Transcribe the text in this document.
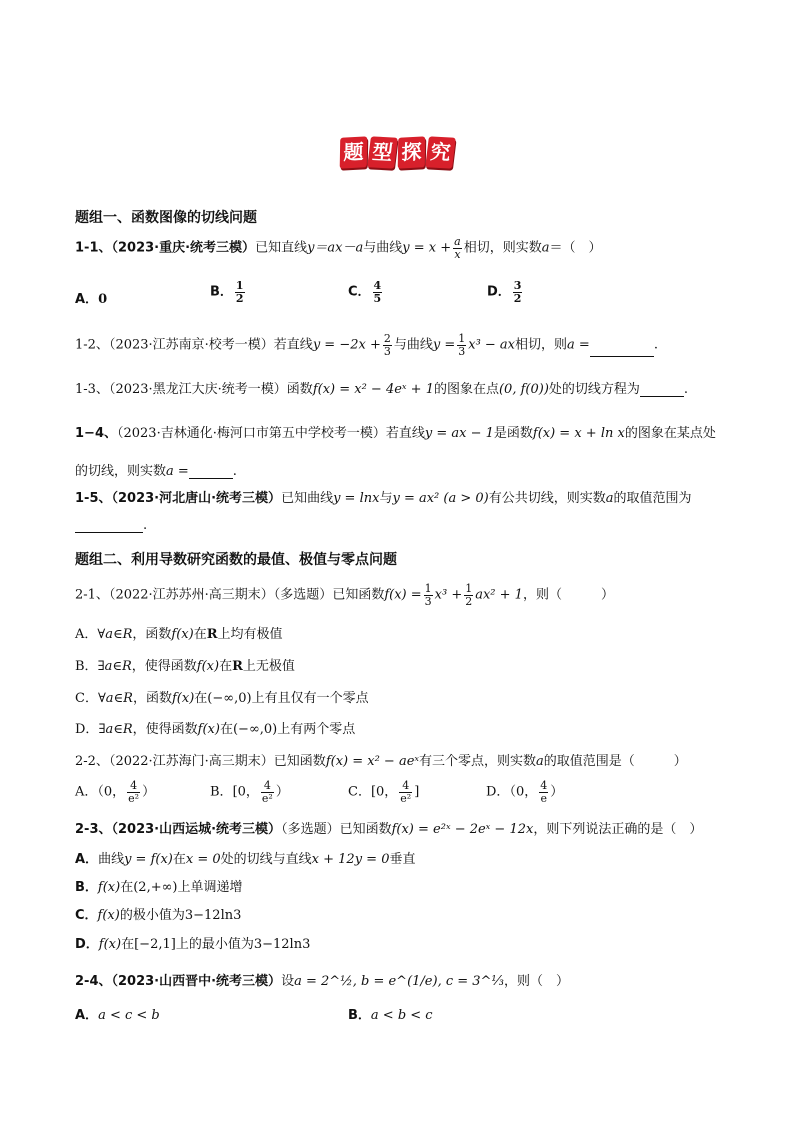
题 型 探 究
题组一、函数图像的切线问题
1-1、（2023·重庆·统考三模）已知直线y＝ax－a与曲线$y = x + \frac{a}{x}$ 相切，则实数a＝（　）
A．0	B． $\frac{1}{2}$	C． $\frac{4}{5}$	D． $\frac{3}{2}$
1-2、（2023·江苏南京·校考一模）若直线$y = -2x + \frac{2}{3}$ 与曲线$y = \frac{1}{3} x^3$ − ax相切，则a =	.
1-3、（2023·黑龙江大庆·统考一模）函数f(x) = x² − 4eˣ + 1的图象在点(0, f(0))处的切线方程为	.
1−4、（2023·吉林通化·梅河口市第五中学校考一模）若直线y = ax − 1是函数f(x) = x + ln x的图象在某点处
的切线，则实数a =	.
1-5、（2023·河北唐山·统考三模）已知曲线y = lnx与y = ax² (a > 0)有公共切线，则实数a的取值范围为
.
题组二、利用导数研究函数的最值、极值与零点问题
2-1、（2022·江苏苏州·高三期末）（多选题）已知函数$f(x) = \frac{1}{3} x^3 + \frac{1}{2} ax^2 + 1$，则（　　　）
A．∀a∈R，函数f(x)在R上均有极值
B．∃a∈R，使得函数f(x)在R上无极值
C．∀a∈R，函数f(x)在(−∞,0)上有且仅有一个零点
D．∃a∈R，使得函数f(x)在(−∞,0)上有两个零点
2-2、（2022·江苏海门·高三期末）已知函数f(x) = x² − aeˣ有三个零点，则实数a的取值范围是（　　　）
A．（0， $\frac{4}{\text{e²}}$ ）	B．[0， $\frac{4}{\text{e²}}$ ）	C．[0， $\frac{4}{\text{e²}}$ ]	D．（0， $\frac{4}{e}$ ）
2-3、（2023·山西运城·统考三模）（多选题）已知函数f(x) = e²ˣ − 2eˣ − 12x，则下列说法正确的是（　）
A．曲线y = f(x)在x = 0处的切线与直线x + 12y = 0垂直
B．f(x)在(2,+∞)上单调递增
C．f(x)的极小值为3−12ln3
D．f(x)在[−2,1]上的最小值为3−12ln3
2-4、（2023·山西晋中·统考三模）设a = 2^½, b = e^(1/e), c = 3^⅓，则（　）
A．a < c < b	B．a < b < c
